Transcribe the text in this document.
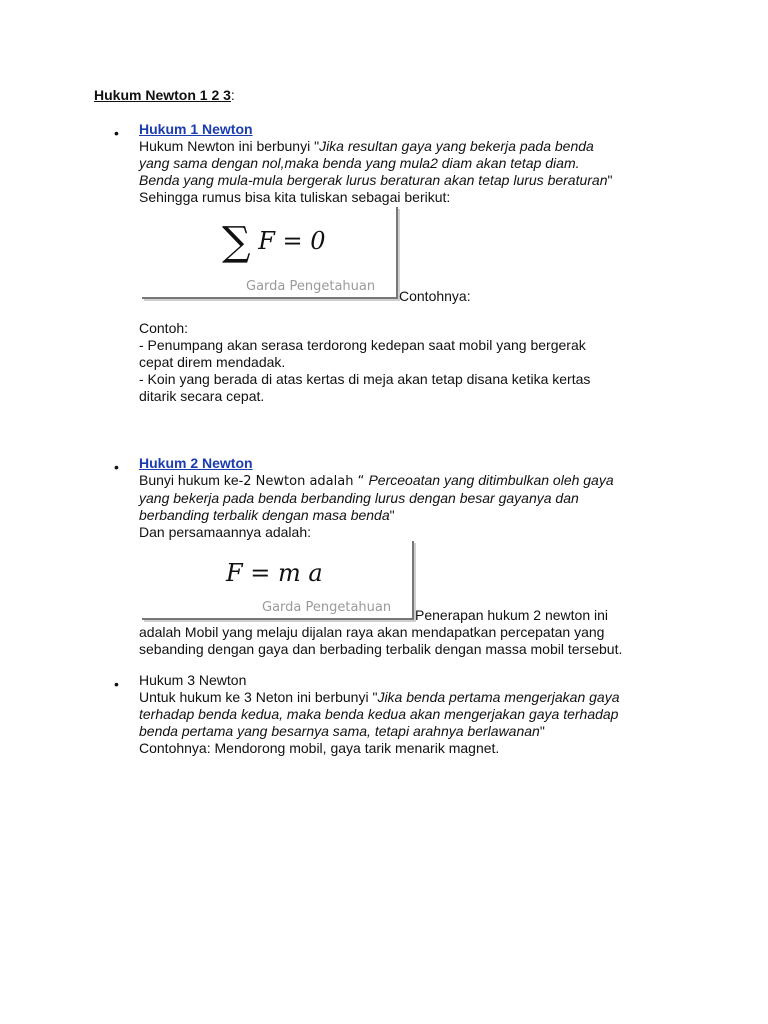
Hukum Newton 1 2 3:
•
Hukum 1 Newton
Hukum Newton ini berbunyi "Jika resultan gaya yang bekerja pada benda
yang sama dengan nol,maka benda yang mula2 diam akan tetap diam.
Benda yang mula-mula bergerak lurus beraturan akan tetap lurus beraturan"
Sehingga rumus bisa kita tuliskan sebagai berikut:
∑ F = 0
Garda Pengetahuan
Contohnya:
Contoh:
- Penumpang akan serasa terdorong kedepan saat mobil yang bergerak
cepat direm mendadak.
- Koin yang berada di atas kertas di meja akan tetap disana ketika kertas
ditarik secara cepat.
•
Hukum 2 Newton
Bunyi hukum ke-2 Newton adalah “ Perceoatan yang ditimbulkan oleh gaya
yang bekerja pada benda berbanding lurus dengan besar gayanya dan
berbanding terbalik dengan masa benda"
Dan persamaannya adalah:
F = m a
Garda Pengetahuan Penerapan hukum 2 newton ini
adalah Mobil yang melaju dijalan raya akan mendapatkan percepatan yang
sebanding dengan gaya dan berbading terbalik dengan massa mobil tersebut.
•
Hukum 3 Newton
Untuk hukum ke 3 Neton ini berbunyi "Jika benda pertama mengerjakan gaya
terhadap benda kedua, maka benda kedua akan mengerjakan gaya terhadap
benda pertama yang besarnya sama, tetapi arahnya berlawanan"
Contohnya: Mendorong mobil, gaya tarik menarik magnet.
